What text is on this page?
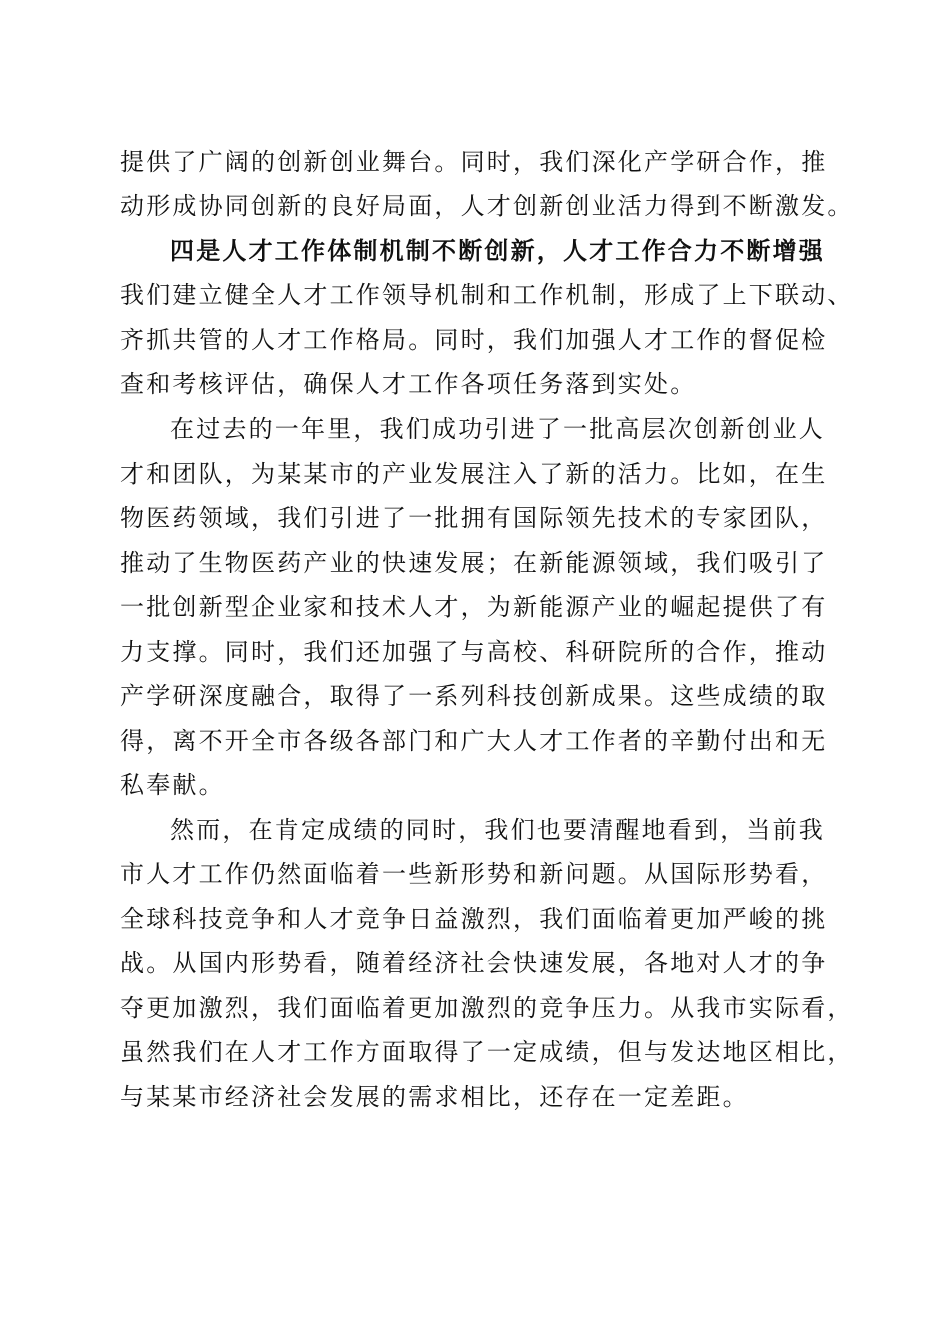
提供了广阔的创新创业舞台。同时，我们深化产学研合作，推
动形成协同创新的良好局面，人才创新创业活力得到不断激发。
四是人才工作体制机制不断创新，人才工作合力不断增强
我们建立健全人才工作领导机制和工作机制，形成了上下联动、
齐抓共管的人才工作格局。同时，我们加强人才工作的督促检
查和考核评估，确保人才工作各项任务落到实处。
在过去的一年里，我们成功引进了一批高层次创新创业人
才和团队，为某某市的产业发展注入了新的活力。比如，在生
物医药领域，我们引进了一批拥有国际领先技术的专家团队，
推动了生物医药产业的快速发展；在新能源领域，我们吸引了
一批创新型企业家和技术人才，为新能源产业的崛起提供了有
力支撑。同时，我们还加强了与高校、科研院所的合作，推动
产学研深度融合，取得了一系列科技创新成果。这些成绩的取
得，离不开全市各级各部门和广大人才工作者的辛勤付出和无
私奉献。
然而，在肯定成绩的同时，我们也要清醒地看到，当前我
市人才工作仍然面临着一些新形势和新问题。从国际形势看，
全球科技竞争和人才竞争日益激烈，我们面临着更加严峻的挑
战。从国内形势看，随着经济社会快速发展，各地对人才的争
夺更加激烈，我们面临着更加激烈的竞争压力。从我市实际看，
虽然我们在人才工作方面取得了一定成绩，但与发达地区相比，
与某某市经济社会发展的需求相比，还存在一定差距。
